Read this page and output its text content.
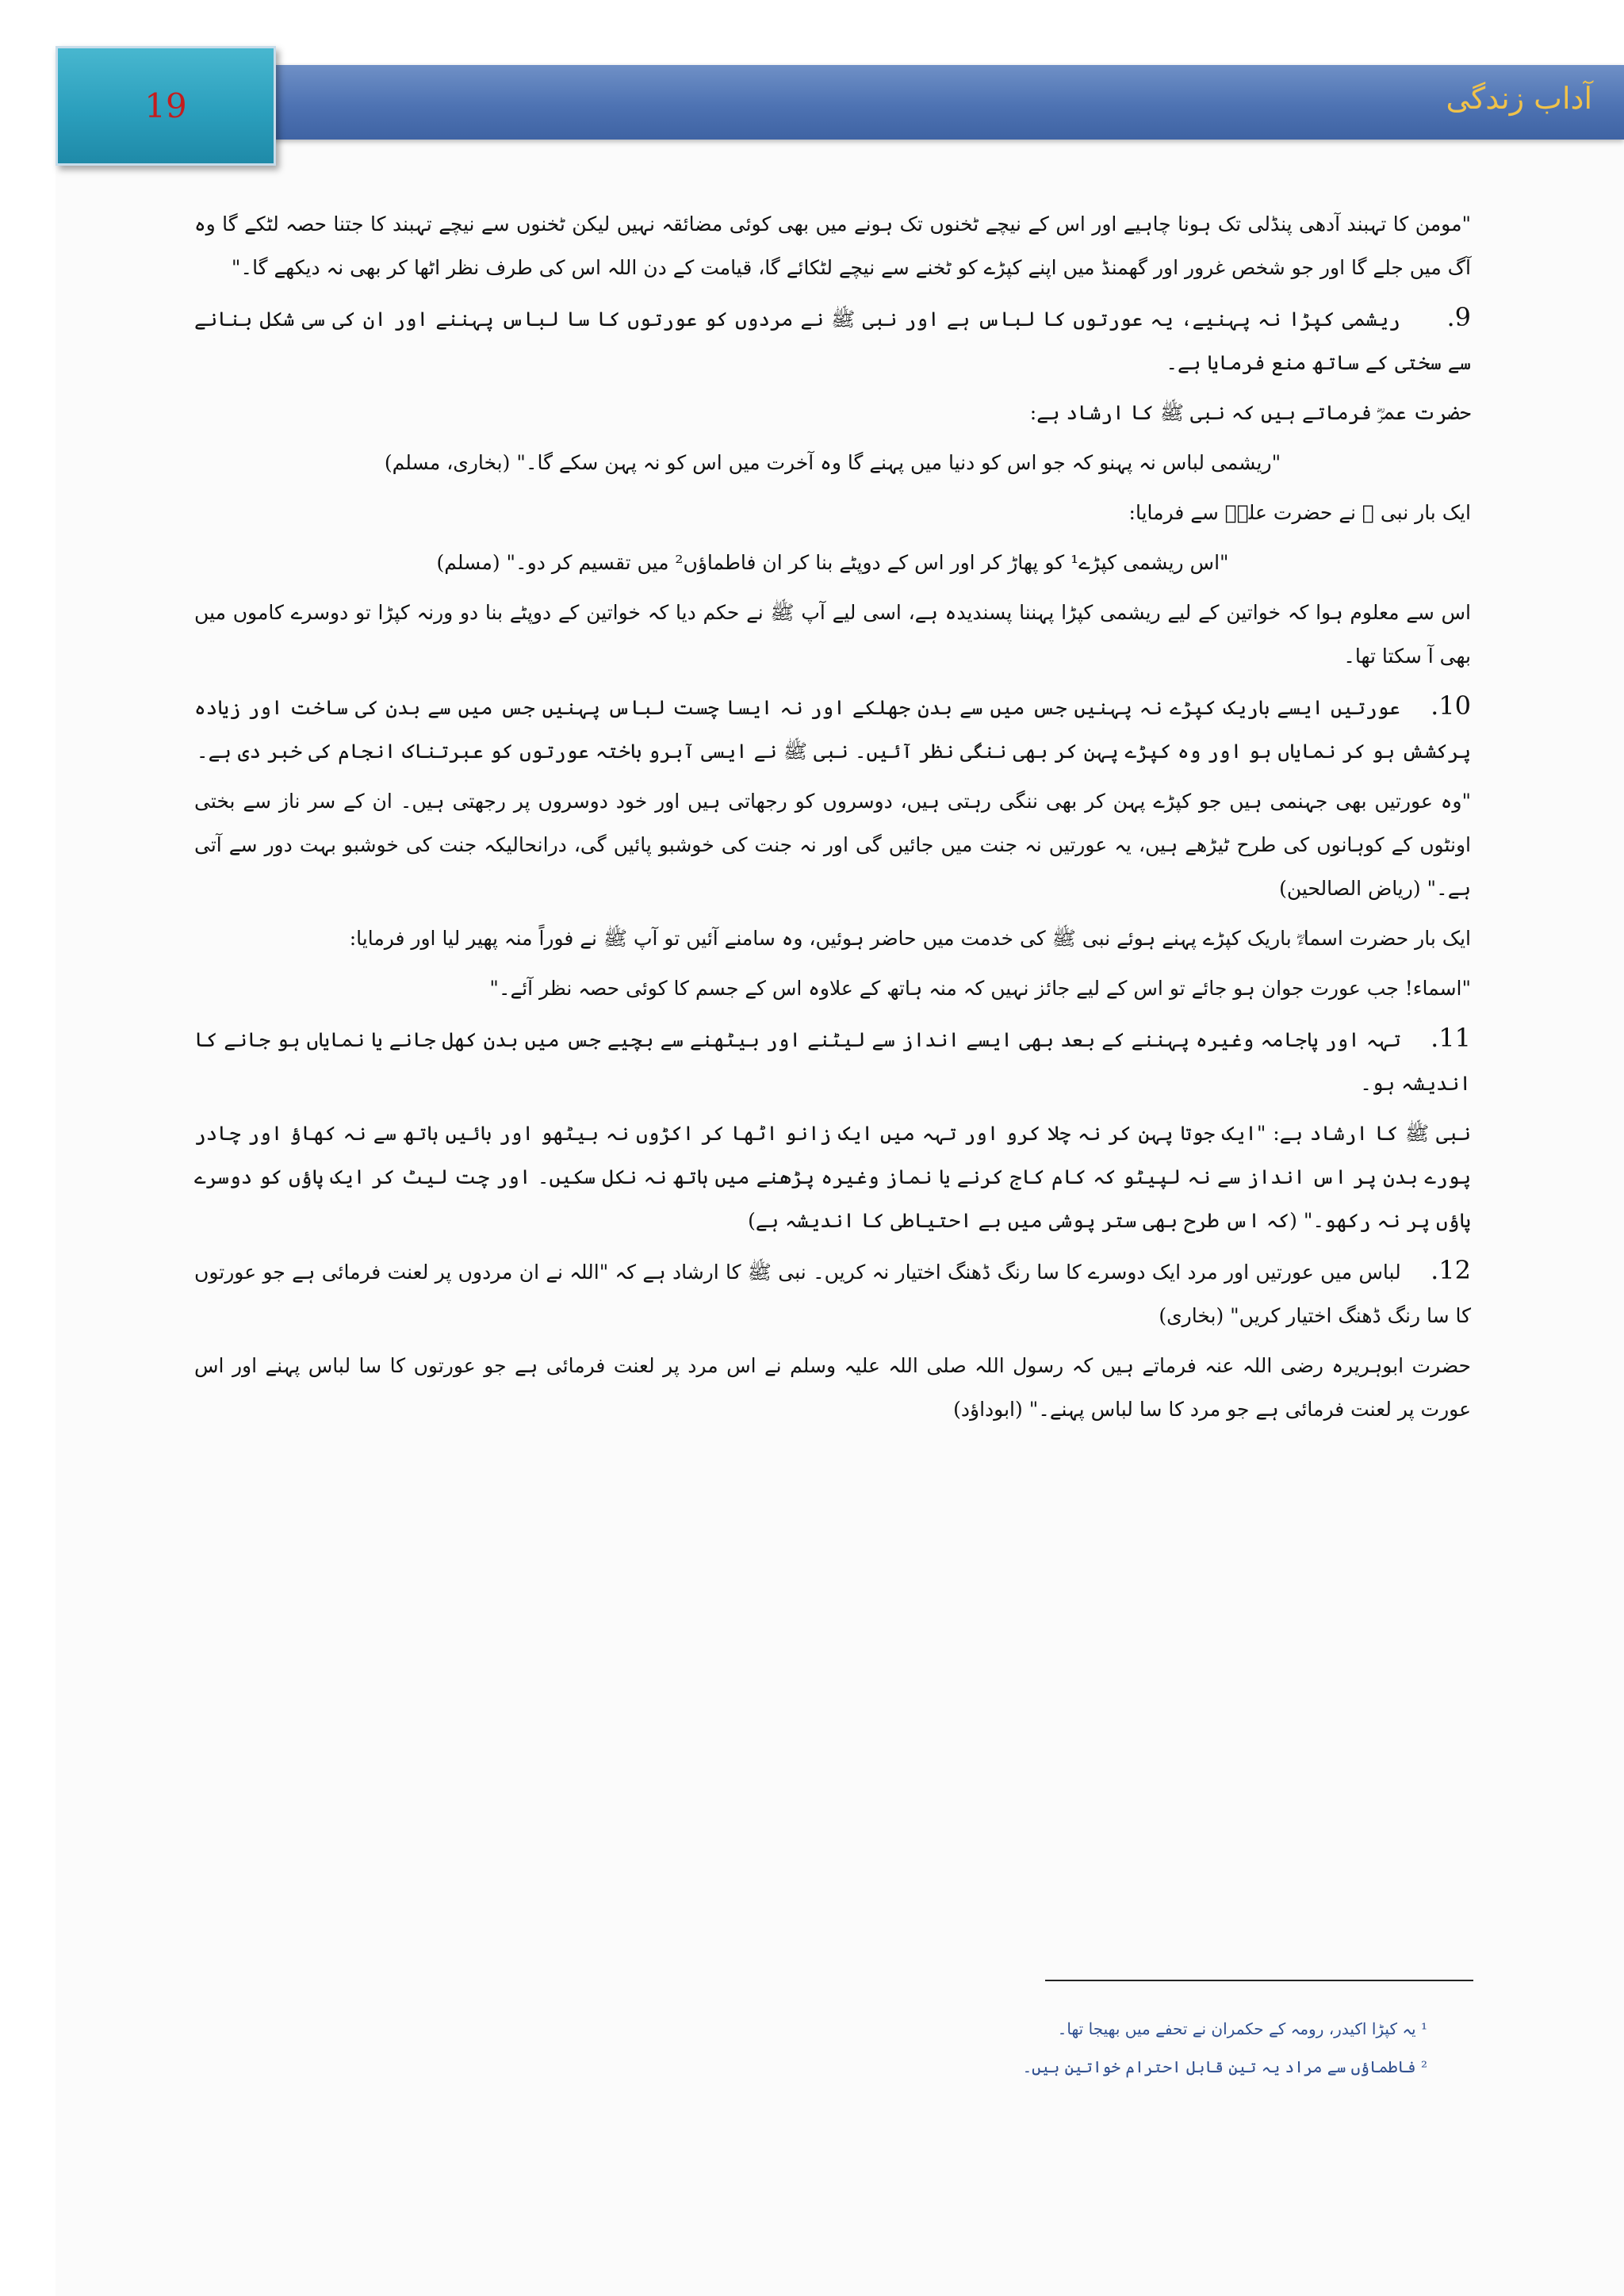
آداب زندگی
19

"مومن کا تہبند آدھی پنڈلی تک ہونا چاہیے اور اس کے نیچے ٹخنوں تک ہونے میں بھی کوئی مضائقہ نہیں لیکن ٹخنوں سے نیچے تہبند کا جتنا حصہ لٹکے گا وہ آگ میں جلے گا اور جو شخص غرور اور گھمنڈ میں اپنے کپڑے کو ٹخنے سے نیچے لٹکائے گا، قیامت کے دن اللہ اس کی طرف نظر اٹھا کر بھی نہ دیکھے گا۔"

9. ریشمی کپڑا نہ پہنیے، یہ عورتوں کا لباس ہے اور نبی ﷺ نے مردوں کو عورتوں کا سا لباس پہننے اور ان کی سی شکل بنانے سے سختی کے ساتھ منع فرمایا ہے۔

حضرت عمرؓ فرماتے ہیں کہ نبی ﷺ کا ارشاد ہے:

"ریشمی لباس نہ پہنو کہ جو اس کو دنیا میں پہنے گا وہ آخرت میں اس کو نہ پہن سکے گا۔" (بخاری، مسلم)

ایک بار نبی ﷺ نے حضرت علیؓ سے فرمایا:

"اس ریشمی کپڑے¹ کو پھاڑ کر اور اس کے دوپٹے بنا کر ان فاطماؤں² میں تقسیم کر دو۔" (مسلم)

اس سے معلوم ہوا کہ خواتین کے لیے ریشمی کپڑا پہننا پسندیدہ ہے، اسی لیے آپ ﷺ نے حکم دیا کہ خواتین کے دوپٹے بنا دو ورنہ کپڑا تو دوسرے کاموں میں بھی آ سکتا تھا۔

10. عورتیں ایسے باریک کپڑے نہ پہنیں جس میں سے بدن جھلکے اور نہ ایسا چست لباس پہنیں جس میں سے بدن کی ساخت اور زیادہ پرکشش ہو کر نمایاں ہو اور وہ کپڑے پہن کر بھی ننگی نظر آئیں۔ نبی ﷺ نے ایسی آبرو باختہ عورتوں کو عبرتناک انجام کی خبر دی ہے۔

"وہ عورتیں بھی جہنمی ہیں جو کپڑے پہن کر بھی ننگی رہتی ہیں، دوسروں کو رجھاتی ہیں اور خود دوسروں پر رجھتی ہیں۔ ان کے سر ناز سے بختی اونٹوں کے کوہانوں کی طرح ٹیڑھے ہیں، یہ عورتیں نہ جنت میں جائیں گی اور نہ جنت کی خوشبو پائیں گی، درانحالیکہ جنت کی خوشبو بہت دور سے آتی ہے۔" (ریاض الصالحین)

ایک بار حضرت اسماءؓ باریک کپڑے پہنے ہوئے نبی ﷺ کی خدمت میں حاضر ہوئیں، وہ سامنے آئیں تو آپ ﷺ نے فوراً منہ پھیر لیا اور فرمایا:

"اسماء! جب عورت جوان ہو جائے تو اس کے لیے جائز نہیں کہ منہ ہاتھ کے علاوہ اس کے جسم کا کوئی حصہ نظر آئے۔"

11. تہہ اور پاجامہ وغیرہ پہننے کے بعد بھی ایسے انداز سے لیٹنے اور بیٹھنے سے بچیے جس میں بدن کھل جانے یا نمایاں ہو جانے کا اندیشہ ہو۔

نبی ﷺ کا ارشاد ہے: "ایک جوتا پہن کر نہ چلا کرو اور تہہ میں ایک زانو اٹھا کر اکڑوں نہ بیٹھو اور بائیں ہاتھ سے نہ کھاؤ اور چادر پورے بدن پر اس انداز سے نہ لپیٹو کہ کام کاج کرنے یا نماز وغیرہ پڑھنے میں ہاتھ نہ نکل سکیں۔ اور چت لیٹ کر ایک پاؤں کو دوسرے پاؤں پر نہ رکھو۔" (کہ اس طرح بھی ستر پوشی میں بے احتیاطی کا اندیشہ ہے)

12. لباس میں عورتیں اور مرد ایک دوسرے کا سا رنگ ڈھنگ اختیار نہ کریں۔ نبی ﷺ کا ارشاد ہے کہ "اللہ نے ان مردوں پر لعنت فرمائی ہے جو عورتوں کا سا رنگ ڈھنگ اختیار کریں" (بخاری)

حضرت ابوہریرہ رضی اللہ عنہ فرماتے ہیں کہ رسول اللہ صلی اللہ علیہ وسلم نے اس مرد پر لعنت فرمائی ہے جو عورتوں کا سا لباس پہنے اور اس عورت پر لعنت فرمائی ہے جو مرد کا سا لباس پہنے۔" (ابوداؤد)

¹ یہ کپڑا اکیدر، رومہ کے حکمران نے تحفے میں بھیجا تھا۔
² فاطماؤں سے مراد یہ تین قابل احترام خواتین ہیں۔
